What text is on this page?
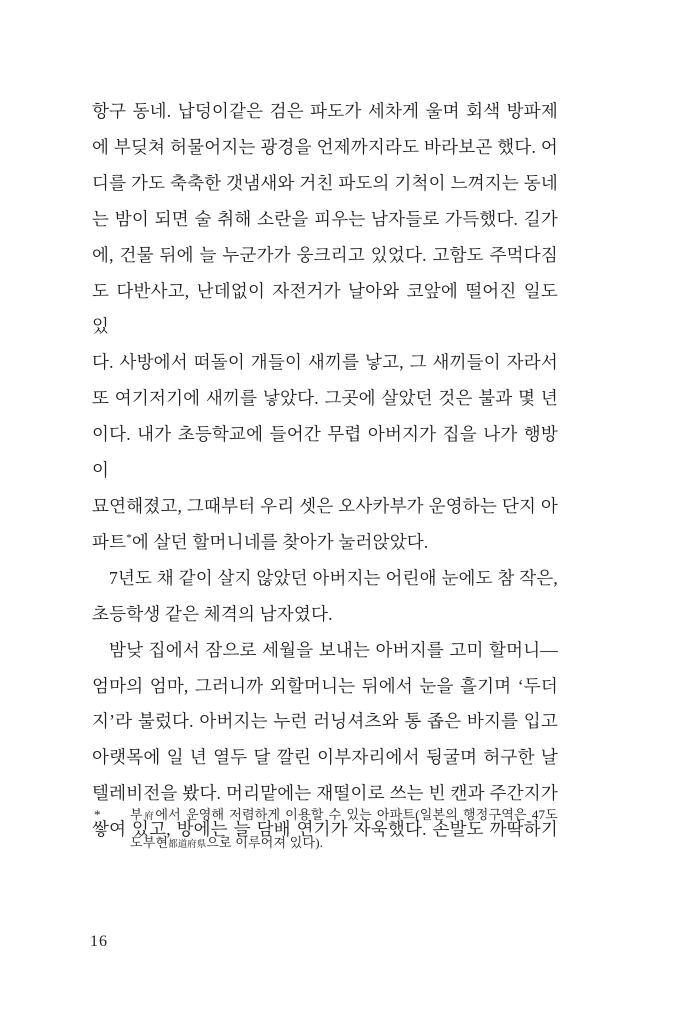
항구 동네. 납덩이같은 검은 파도가 세차게 울며 회색 방파제
에 부딪쳐 허물어지는 광경을 언제까지라도 바라보곤 했다. 어
디를 가도 축축한 갯냄새와 거친 파도의 기척이 느껴지는 동네
는 밤이 되면 술 취해 소란을 피우는 남자들로 가득했다. 길가
에, 건물 뒤에 늘 누군가가 웅크리고 있었다. 고함도 주먹다짐
도 다반사고, 난데없이 자전거가 날아와 코앞에 떨어진 일도 있
다. 사방에서 떠돌이 개들이 새끼를 낳고, 그 새끼들이 자라서
또 여기저기에 새끼를 낳았다. 그곳에 살았던 것은 불과 몇 년
이다. 내가 초등학교에 들어간 무렵 아버지가 집을 나가 행방이
묘연해졌고, 그때부터 우리 셋은 오사카부가 운영하는 단지 아
파트*에 살던 할머니네를 찾아가 눌러앉았다.
7년도 채 같이 살지 않았던 아버지는 어린애 눈에도 참 작은,
초등학생 같은 체격의 남자였다.
밤낮 집에서 잠으로 세월을 보내는 아버지를 고미 할머니―
엄마의 엄마, 그러니까 외할머니는 뒤에서 눈을 흘기며 ‘두더
지’라 불렀다. 아버지는 누런 러닝셔츠와 통 좁은 바지를 입고
아랫목에 일 년 열두 달 깔린 이부자리에서 뒹굴며 허구한 날
텔레비전을 봤다. 머리맡에는 재떨이로 쓰는 빈 캔과 주간지가
쌓여 있고, 방에는 늘 담배 연기가 자욱했다. 손발도 까딱하기
* 부府에서 운영해 저렴하게 이용할 수 있는 아파트(일본의 행정구역은 47도
도부현都道府県으로 이루어져 있다).
16
